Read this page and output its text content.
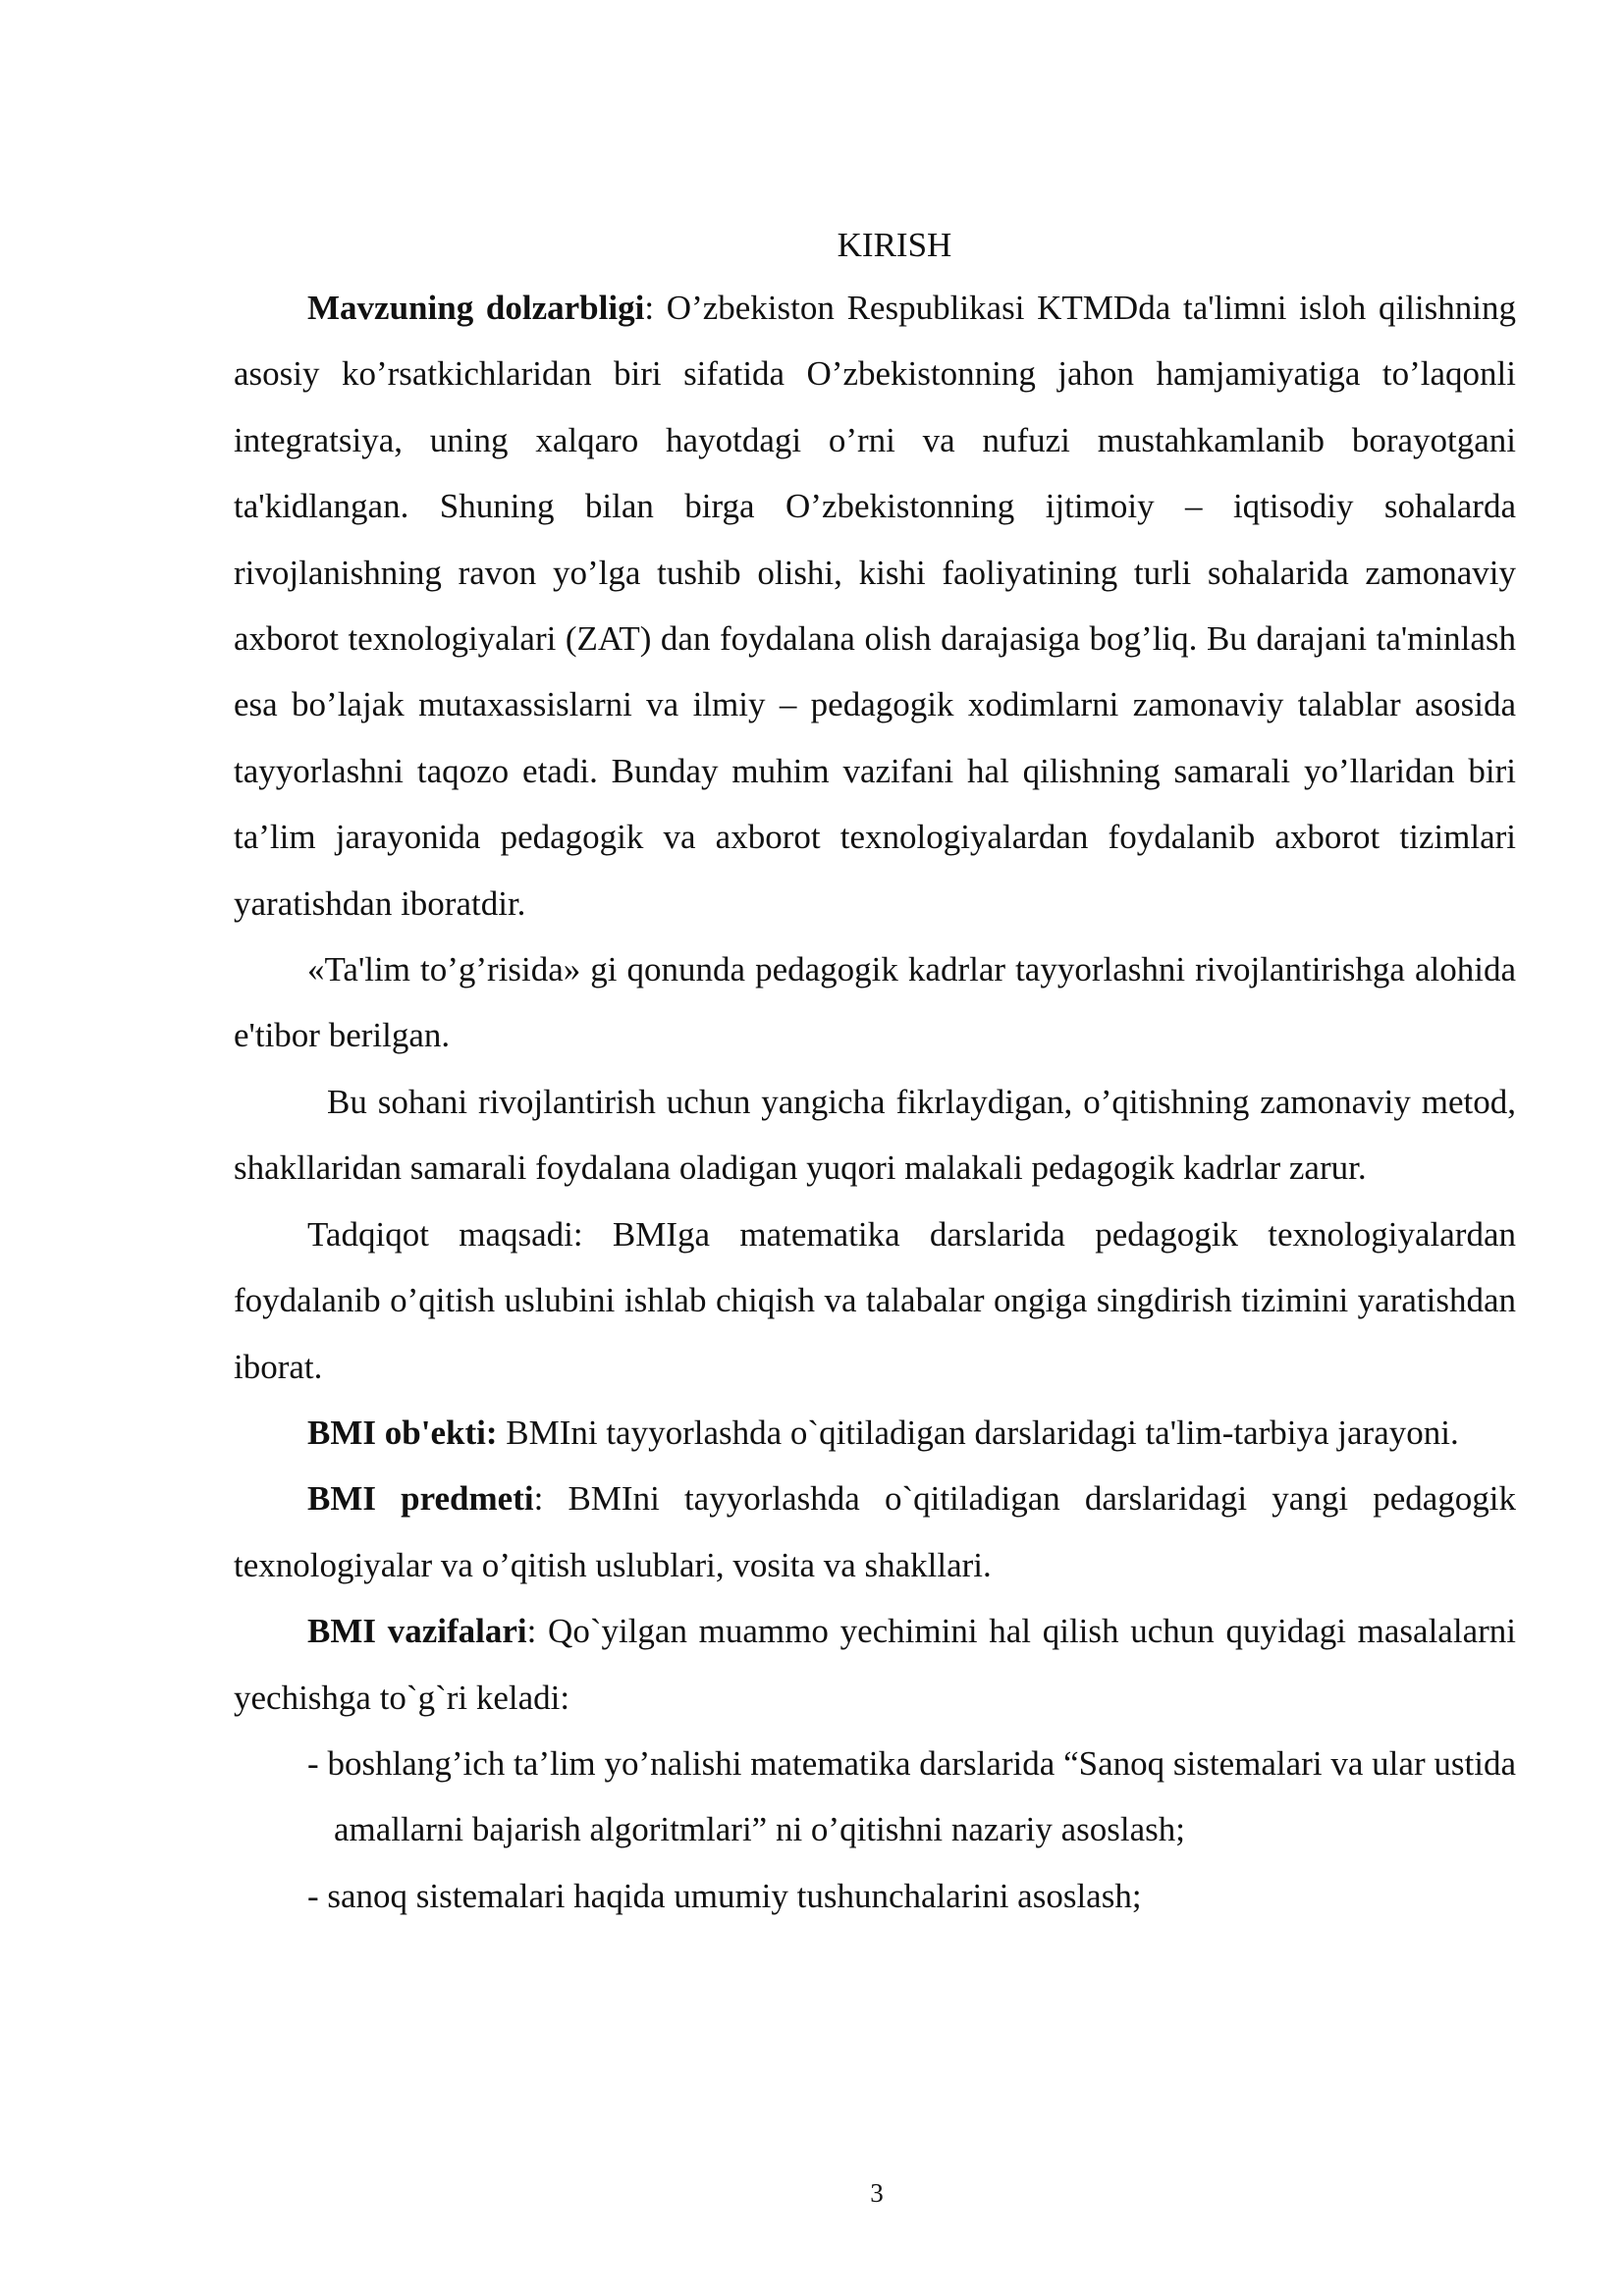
KIRISH

Mavzuning dolzarbligi: O’zbekiston Respublikasi KTMDda ta'limni isloh qilishning asosiy ko’rsatkichlaridan biri sifatida O’zbekistonning jahon hamjamiyatiga to’laqonli integratsiya, uning xalqaro hayotdagi o’rni va nufuzi mustahkamlanib borayotgani ta'kidlangan. Shuning bilan birga O’zbekistonning ijtimoiy – iqtisodiy sohalarda rivojlanishning ravon yo’lga tushib olishi, kishi faoliyatining turli sohalarida zamonaviy axborot texnologiyalari (ZAT) dan foydalana olish darajasiga bog’liq. Bu darajani ta'minlash esa bo’lajak mutaxassislarni va ilmiy – pedagogik xodimlarni zamonaviy talablar asosida tayyorlashni taqozo etadi. Bunday muhim vazifani hal qilishning samarali yo’llaridan biri ta’lim jarayonida pedagogik va axborot texnologiyalardan foydalanib axborot tizimlari yaratishdan iboratdir.

«Ta'lim to’g’risida» gi qonunda pedagogik kadrlar tayyorlashni rivojlantirishga alohida e'tibor berilgan.

Bu sohani rivojlantirish uchun yangicha fikrlaydigan, o’qitishning zamonaviy metod, shakllaridan samarali foydalana oladigan yuqori malakali pedagogik kadrlar zarur.

Tadqiqot maqsadi: BMIga matematika darslarida pedagogik texnologiyalardan foydalanib o’qitish uslubini ishlab chiqish va talabalar ongiga singdirish tizimini yaratishdan iborat.

BMI ob'ekti: BMIni tayyorlashda o`qitiladigan darslaridagi ta'lim-tarbiya jarayoni.

BMI predmeti: BMIni tayyorlashda o`qitiladigan darslaridagi yangi pedagogik texnologiyalar va o’qitish uslublari, vosita va shakllari.

BMI vazifalari: Qo`yilgan muammo yechimini hal qilish uchun quyidagi masalalarni yechishga to`g`ri keladi:

- boshlang’ich ta’lim yo’nalishi matematika darslarida “Sanoq sistemalari va ular ustida amallarni bajarish algoritmlari” ni o’qitishni nazariy asoslash;
- sanoq sistemalari haqida umumiy tushunchalarini asoslash;
3
